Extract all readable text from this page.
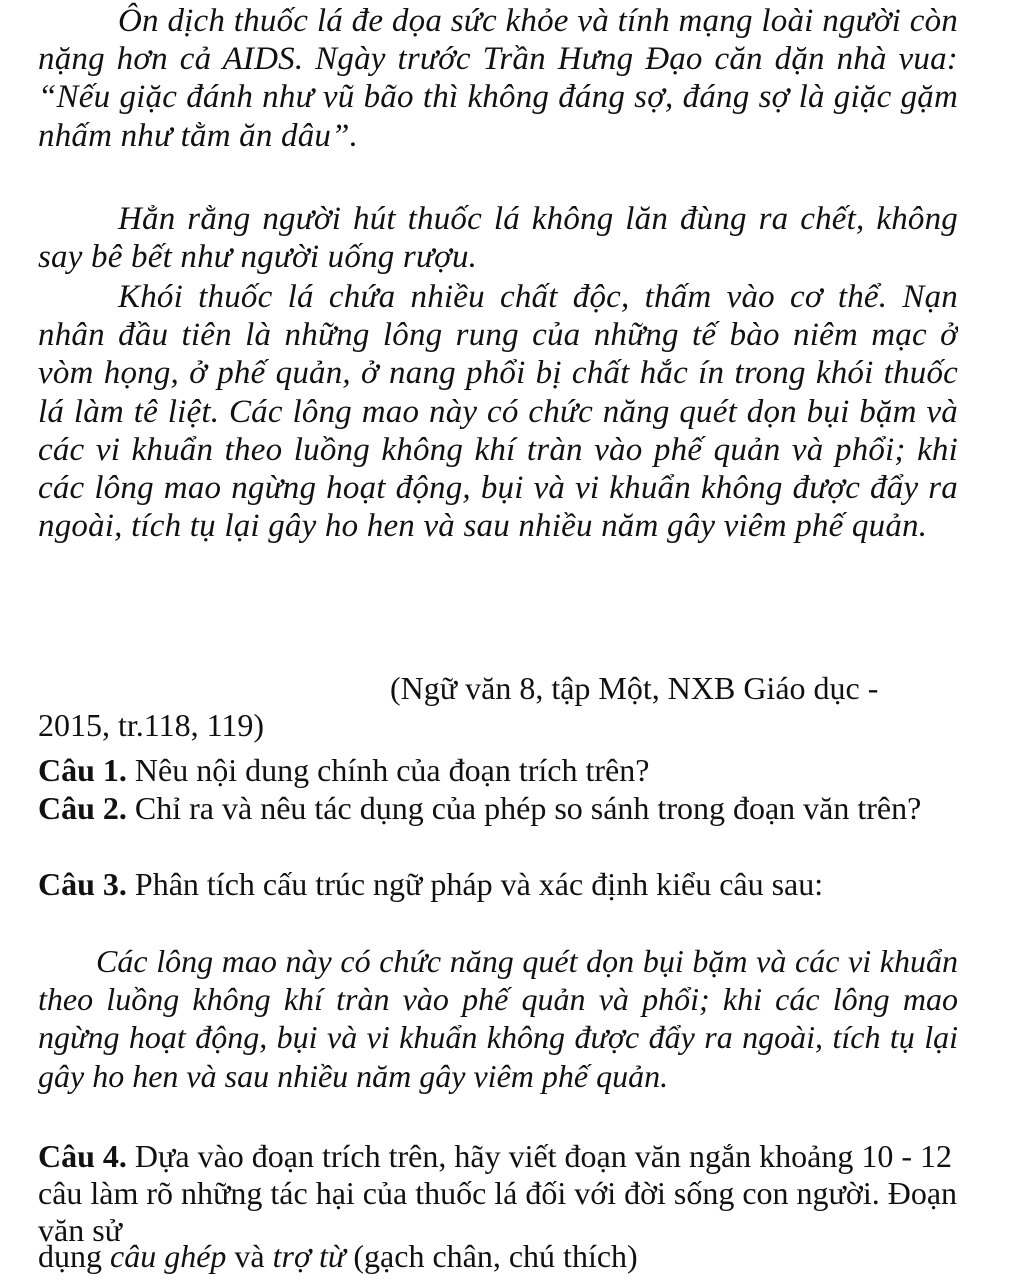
Ôn dịch thuốc lá đe dọa sức khỏe và tính mạng loài người còn nặng hơn cả AIDS. Ngày trước Trần Hưng Đạo căn dặn nhà vua: “Nếu giặc đánh như vũ bão thì không đáng sợ, đáng sợ là giặc gặm nhấm như tằm ăn dâu”.

Hẳn rằng người hút thuốc lá không lăn đùng ra chết, không say bê bết như người uống rượu.

Khói thuốc lá chứa nhiều chất độc, thấm vào cơ thể. Nạn nhân đầu tiên là những lông rung của những tế bào niêm mạc ở vòm họng, ở phế quản, ở nang phổi bị chất hắc ín trong khói thuốc lá làm tê liệt. Các lông mao này có chức năng quét dọn bụi bặm và các vi khuẩn theo luồng không khí tràn vào phế quản và phổi; khi các lông mao ngừng hoạt động, bụi và vi khuẩn không được đẩy ra ngoài, tích tụ lại gây ho hen và sau nhiều năm gây viêm phế quản.

(Ngữ văn 8, tập Một, NXB Giáo dục - 2015, tr.118, 119)

Câu 1. Nêu nội dung chính của đoạn trích trên?

Câu 2. Chỉ ra và nêu tác dụng của phép so sánh trong đoạn văn trên?

Câu 3. Phân tích cấu trúc ngữ pháp và xác định kiểu câu sau:

Các lông mao này có chức năng quét dọn bụi bặm và các vi khuẩn theo luồng không khí tràn vào phế quản và phổi; khi các lông mao ngừng hoạt động, bụi và vi khuẩn không được đẩy ra ngoài, tích tụ lại gây ho hen và sau nhiều năm gây viêm phế quản.

Câu 4. Dựa vào đoạn trích trên, hãy viết đoạn văn ngắn khoảng 10 - 12 câu làm rõ những tác hại của thuốc lá đối với đời sống con người. Đoạn văn sử

dụng câu ghép và trợ từ (gạch chân, chú thích)
